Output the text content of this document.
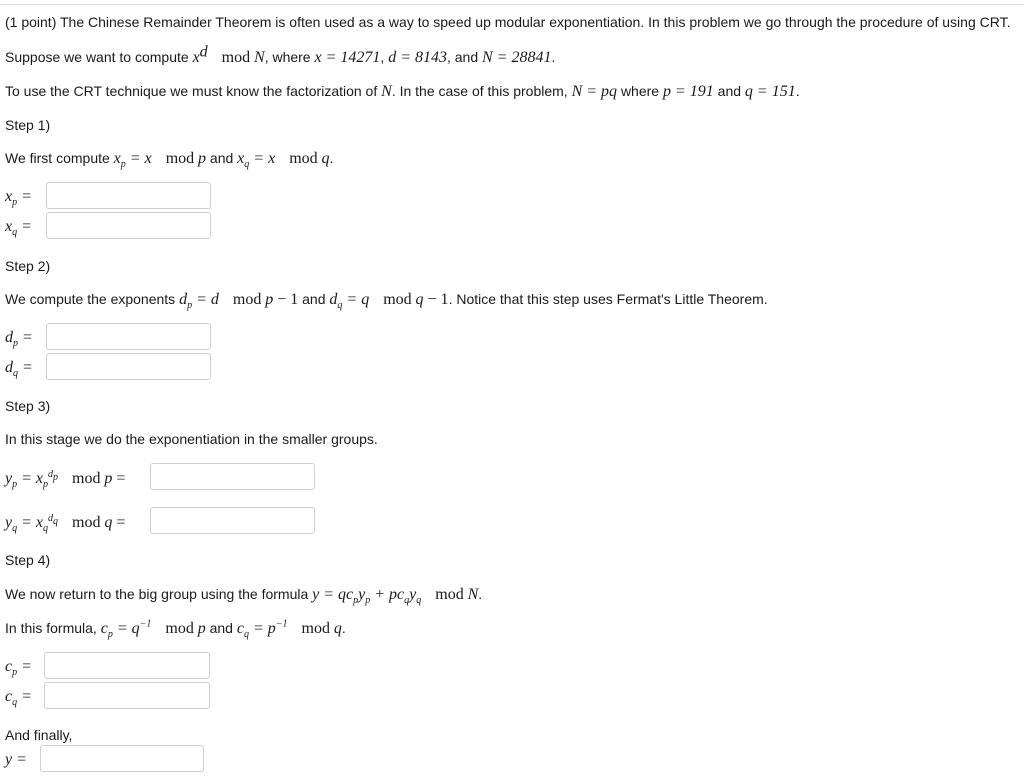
(1 point) The Chinese Remainder Theorem is often used as a way to speed up modular exponentiation. In this problem we go through the procedure of using CRT.
Suppose we want to compute $x^d$ mod N, where x = 14271, d = 8143, and N = 28841.
To use the CRT technique we must know the factorization of N. In the case of this problem, N = pq where p = 191 and q = 151.
Step 1)
We first compute $x_p = x$ mod p and $x_q = x$ mod q.
$x_p$ =
$x_q$ =
Step 2)
We compute the exponents $d_p = d$ mod p − 1 and $d_q = q$ mod q − 1. Notice that this step uses Fermat's Little Theorem.
$d_p$ =
$d_q$ =
Step 3)
In this stage we do the exponentiation in the smaller groups.
$y_p = x_p^{d_p}$ mod p =
$y_q = x_q^{d_q}$ mod q =
Step 4)
We now return to the big group using the formula $y = qc_py_p + pc_qy_q$ mod N.
In this formula, $c_p = q^{-1}$ mod p and $c_q = p^{-1}$ mod q.
$c_p$ =
$c_q$ =
And finally,
y =
